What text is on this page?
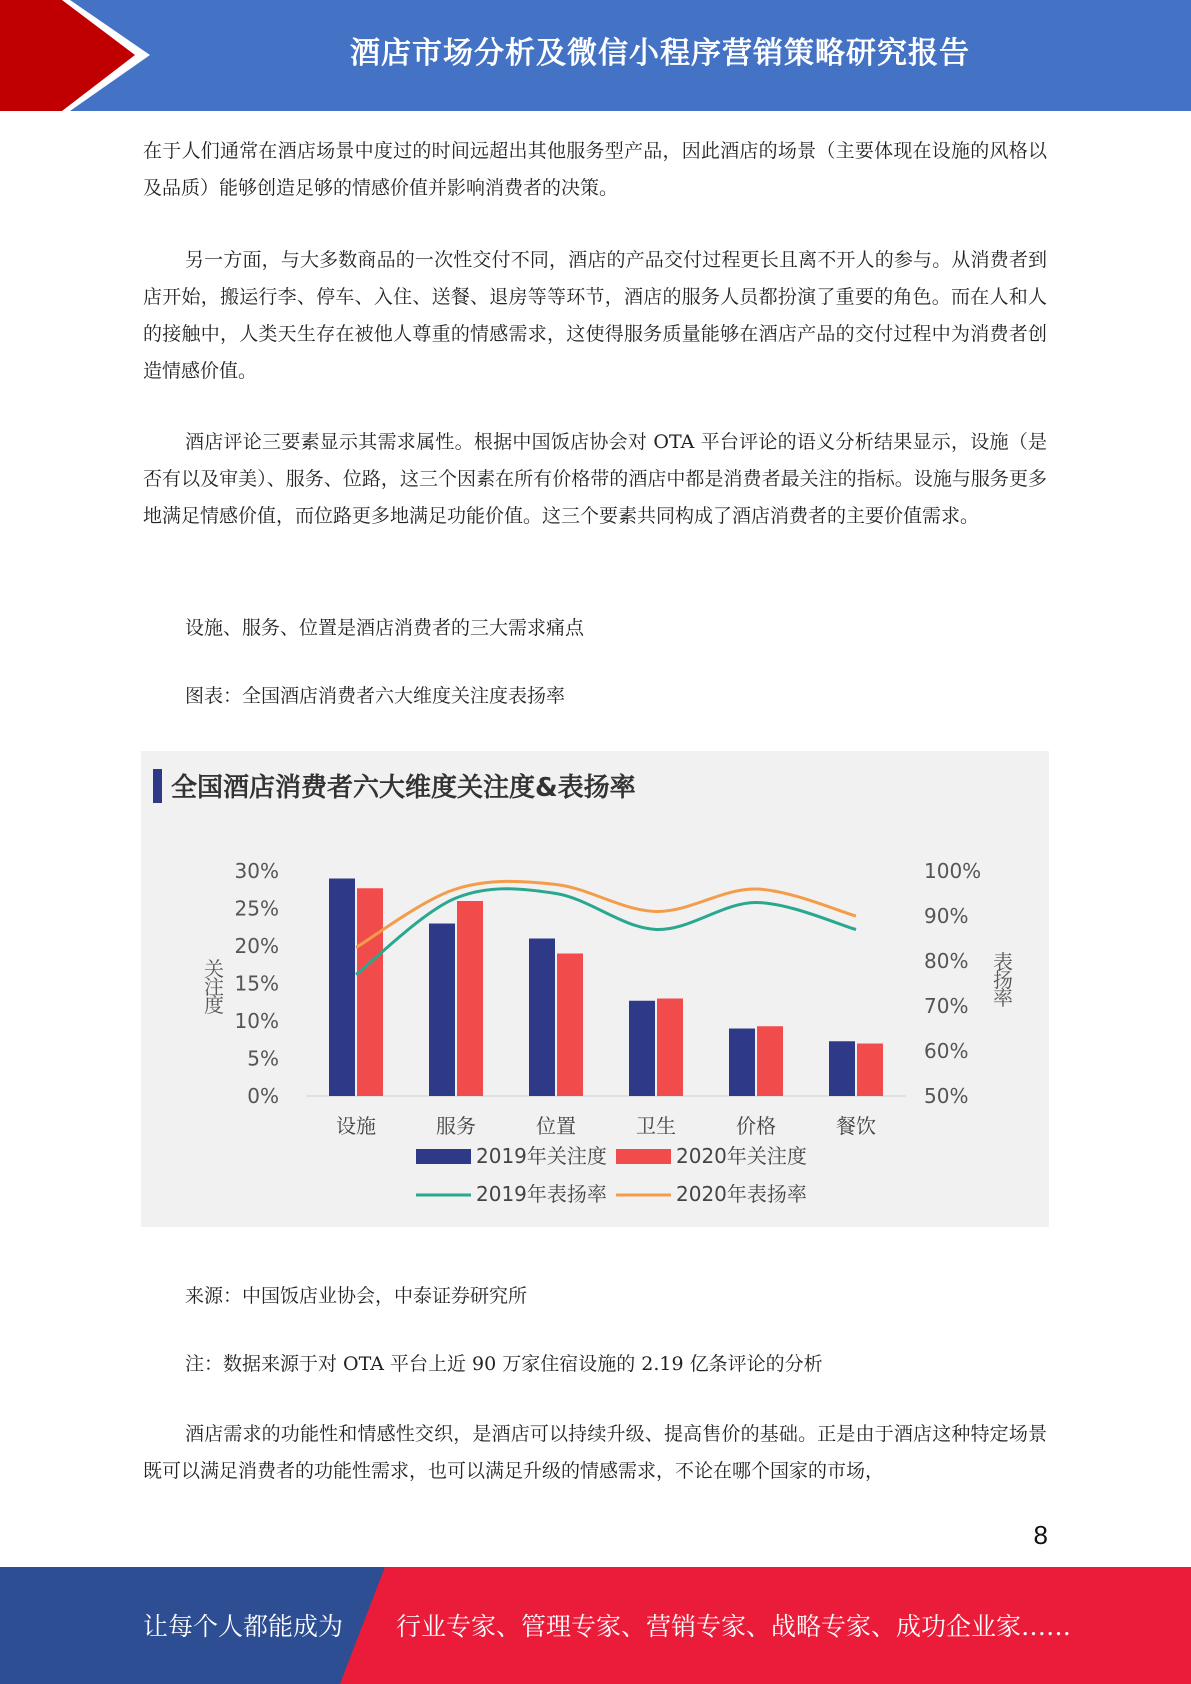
酒店市场分析及微信小程序营销策略研究报告

在于人们通常在酒店场景中度过的时间远超出其他服务型产品，因此酒店的场景（主要体现在设施的风格以及品质）能够创造足够的情感价值并影响消费者的决策。

另一方面，与大多数商品的一次性交付不同，酒店的产品交付过程更长且离不开人的参与。从消费者到店开始，搬运行李、停车、入住、送餐、退房等等环节，酒店的服务人员都扮演了重要的角色。而在人和人的接触中，人类天生存在被他人尊重的情感需求，这使得服务质量能够在酒店产品的交付过程中为消费者创造情感价值。

酒店评论三要素显示其需求属性。根据中国饭店协会对 OTA 平台评论的语义分析结果显示，设施（是否有以及审美）、服务、位路，这三个因素在所有价格带的酒店中都是消费者最关注的指标。设施与服务更多地满足情感价值，而位路更多地满足功能价值。这三个要素共同构成了酒店消费者的主要价值需求。

设施、服务、位置是酒店消费者的三大需求痛点

图表：全国酒店消费者六大维度关注度表扬率

全国酒店消费者六大维度关注度&表扬率
0%
5%
10%
15%
20%
25%
30%
50%
60%
70%
80%
90%
100%
关注度
表扬率
设施	服务	位置	卫生	价格	餐饮
2019年关注度	2020年关注度
2019年表扬率	2020年表扬率

来源：中国饭店业协会，中泰证券研究所

注：数据来源于对 OTA 平台上近 90 万家住宿设施的 2.19 亿条评论的分析

酒店需求的功能性和情感性交织，是酒店可以持续升级、提高售价的基础。正是由于酒店这种特定场景既可以满足消费者的功能性需求，也可以满足升级的情感需求，不论在哪个国家的市场，

8
让每个人都能成为 行业专家、管理专家、营销专家、战略专家、成功企业家……
